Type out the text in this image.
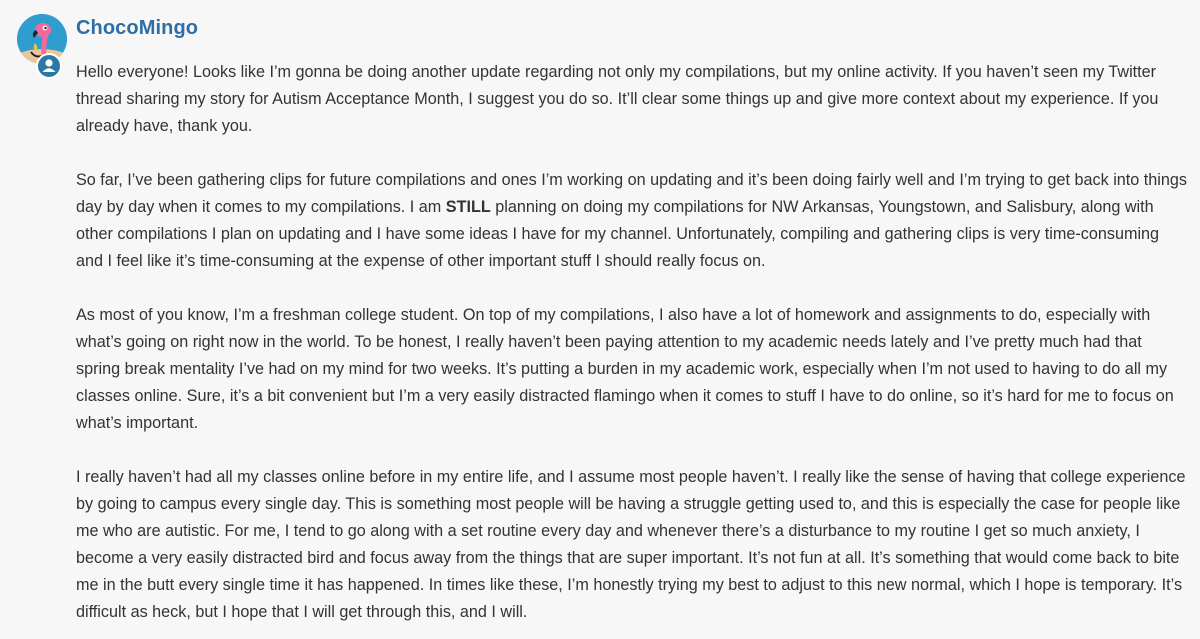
ChocoMingo

Hello everyone! Looks like I’m gonna be doing another update regarding not only my compilations, but my online activity. If you haven’t seen my Twitter thread sharing my story for Autism Acceptance Month, I suggest you do so. It’ll clear some things up and give more context about my experience. If you already have, thank you.

So far, I’ve been gathering clips for future compilations and ones I’m working on updating and it’s been doing fairly well and I’m trying to get back into things day by day when it comes to my compilations. I am STILL planning on doing my compilations for NW Arkansas, Youngstown, and Salisbury, along with other compilations I plan on updating and I have some ideas I have for my channel. Unfortunately, compiling and gathering clips is very time-consuming and I feel like it’s time-consuming at the expense of other important stuff I should really focus on.

As most of you know, I’m a freshman college student. On top of my compilations, I also have a lot of homework and assignments to do, especially with what’s going on right now in the world. To be honest, I really haven’t been paying attention to my academic needs lately and I’ve pretty much had that spring break mentality I’ve had on my mind for two weeks. It’s putting a burden in my academic work, especially when I’m not used to having to do all my classes online. Sure, it’s a bit convenient but I’m a very easily distracted flamingo when it comes to stuff I have to do online, so it’s hard for me to focus on what’s important.

I really haven’t had all my classes online before in my entire life, and I assume most people haven’t. I really like the sense of having that college experience by going to campus every single day. This is something most people will be having a struggle getting used to, and this is especially the case for people like me who are autistic. For me, I tend to go along with a set routine every day and whenever there’s a disturbance to my routine I get so much anxiety, I become a very easily distracted bird and focus away from the things that are super important. It’s not fun at all. It’s something that would come back to bite me in the butt every single time it has happened. In times like these, I’m honestly trying my best to adjust to this new normal, which I hope is temporary. It’s difficult as heck, but I hope that I will get through this, and I will.
